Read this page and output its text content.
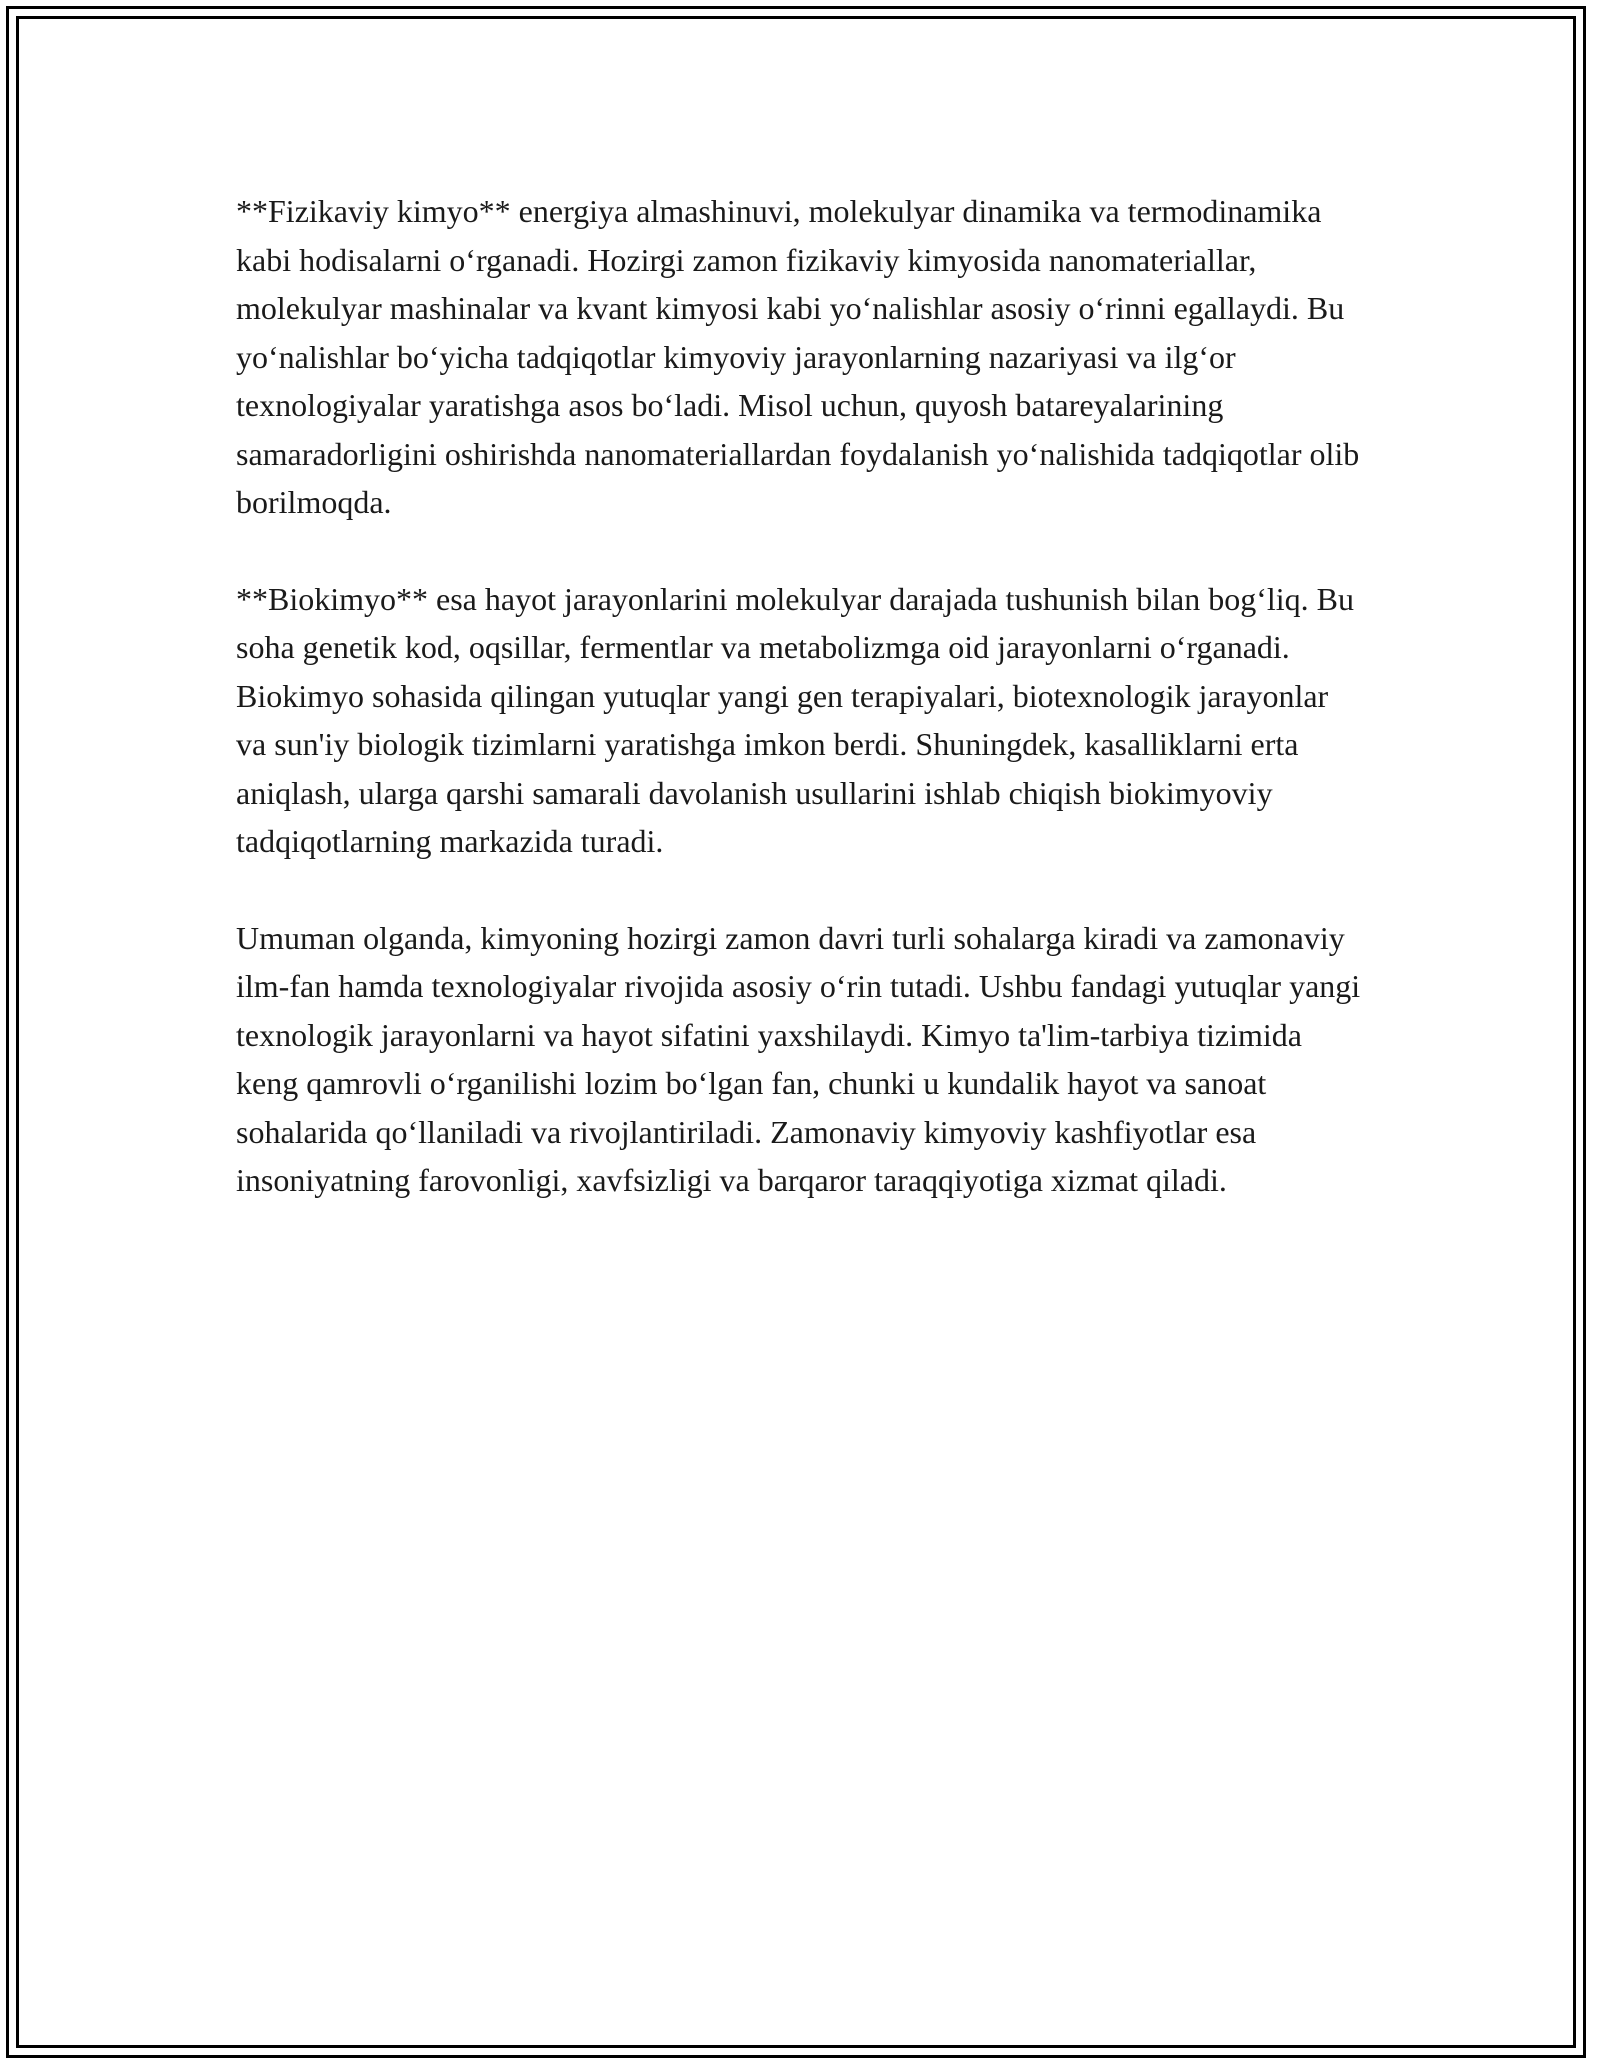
**Fizikaviy kimyo** energiya almashinuvi, molekulyar dinamika va termodinamika kabi hodisalarni o‘rganadi. Hozirgi zamon fizikaviy kimyosida nanomateriallar, molekulyar mashinalar va kvant kimyosi kabi yo‘nalishlar asosiy o‘rinni egallaydi. Bu yo‘nalishlar bo‘yicha tadqiqotlar kimyoviy jarayonlarning nazariyasi va ilg‘or texnologiyalar yaratishga asos bo‘ladi. Misol uchun, quyosh batareyalarining samaradorligini oshirishda nanomateriallardan foydalanish yo‘nalishida tadqiqotlar olib borilmoqda.

**Biokimyo** esa hayot jarayonlarini molekulyar darajada tushunish bilan bog‘liq. Bu soha genetik kod, oqsillar, fermentlar va metabolizmga oid jarayonlarni o‘rganadi. Biokimyo sohasida qilingan yutuqlar yangi gen terapiyalari, biotexnologik jarayonlar va sun'iy biologik tizimlarni yaratishga imkon berdi. Shuningdek, kasalliklarni erta aniqlash, ularga qarshi samarali davolanish usullarini ishlab chiqish biokimyoviy tadqiqotlarning markazida turadi.

Umuman olganda, kimyoning hozirgi zamon davri turli sohalarga kiradi va zamonaviy ilm-fan hamda texnologiyalar rivojida asosiy o‘rin tutadi. Ushbu fandagi yutuqlar yangi texnologik jarayonlarni va hayot sifatini yaxshilaydi. Kimyo ta'lim-tarbiya tizimida keng qamrovli o‘rganilishi lozim bo‘lgan fan, chunki u kundalik hayot va sanoat sohalarida qo‘llaniladi va rivojlantiriladi. Zamonaviy kimyoviy kashfiyotlar esa insoniyatning farovonligi, xavfsizligi va barqaror taraqqiyotiga xizmat qiladi.
